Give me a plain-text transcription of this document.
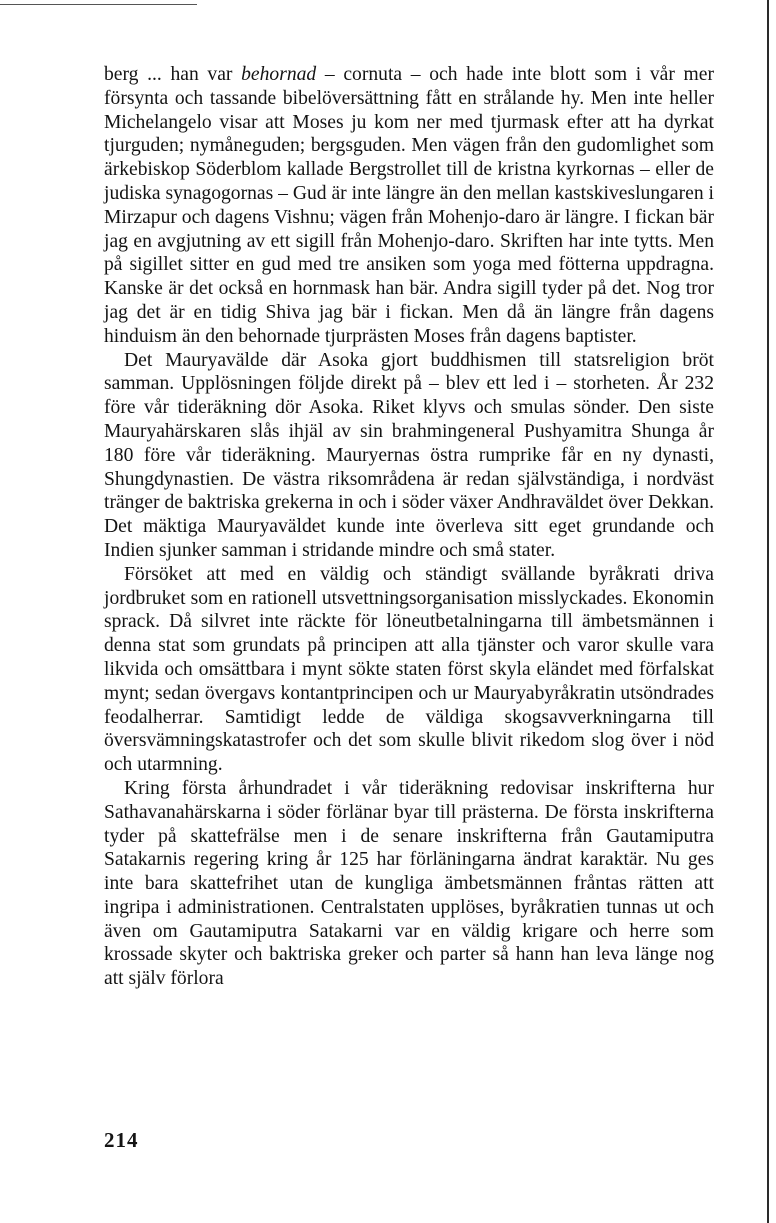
berg ... han var behornad – cornuta – och hade inte blott som i vår mer försynta och tassande bibelöversättning fått en strålande hy. Men inte heller Michelangelo visar att Moses ju kom ner med tjurmask efter att ha dyrkat tjurguden; nymåneguden; bergsguden. Men vägen från den gudomlighet som ärkebiskop Söderblom kallade Bergstrollet till de kristna kyrkornas – eller de judiska synagogornas – Gud är inte längre än den mellan kastskiveslungaren i Mirzapur och dagens Vishnu; vägen från Mohenjo-daro är längre. I fickan bär jag en avgjutning av ett sigill från Mohenjo-daro. Skriften har inte tytts. Men på sigillet sitter en gud med tre ansiken som yoga med fötterna uppdragna. Kanske är det också en hornmask han bär. Andra sigill tyder på det. Nog tror jag det är en tidig Shiva jag bär i fickan. Men då än längre från dagens hinduism än den behornade tjurprästen Moses från dagens baptister.

Det Mauryavälde där Asoka gjort buddhismen till statsreligion bröt samman. Upplösningen följde direkt på – blev ett led i – storheten. År 232 före vår tideräkning dör Asoka. Riket klyvs och smulas sönder. Den siste Mauryahärskaren slås ihjäl av sin brahmingeneral Pushyamitra Shunga år 180 före vår tideräkning. Mauryernas östra rumprike får en ny dynasti, Shungdynastien. De västra riksområdena är redan självständiga, i nordväst tränger de baktriska grekerna in och i söder växer Andhraväldet över Dekkan. Det mäktiga Mauryaväldet kunde inte överleva sitt eget grundande och Indien sjunker samman i stridande mindre och små stater.

Försöket att med en väldig och ständigt svällande byråkrati driva jordbruket som en rationell utsvettningsorganisation misslyckades. Ekonomin sprack. Då silvret inte räckte för löneutbetalningarna till ämbetsmännen i denna stat som grundats på principen att alla tjänster och varor skulle vara likvida och omsättbara i mynt sökte staten först skyla eländet med förfalskat mynt; sedan övergavs kontantprincipen och ur Mauryabyråkratin utsöndrades feodalherrar. Samtidigt ledde de väldiga skogsavverkningarna till översvämningskatastrofer och det som skulle blivit rikedom slog över i nöd och utarmning.

Kring första århundradet i vår tideräkning redovisar inskrifterna hur Sathavanahärskarna i söder förlänar byar till prästerna. De första inskrifterna tyder på skattefrälse men i de senare inskrifterna från Gautamiputra Satakarnis regering kring år 125 har förläningarna ändrat karaktär. Nu ges inte bara skattefrihet utan de kungliga ämbetsmännen fråntas rätten att ingripa i administrationen. Centralstaten upplöses, byråkratien tunnas ut och även om Gautamiputra Satakarni var en väldig krigare och herre som krossade skyter och baktriska greker och parter så hann han leva länge nog att själv förlora

214
